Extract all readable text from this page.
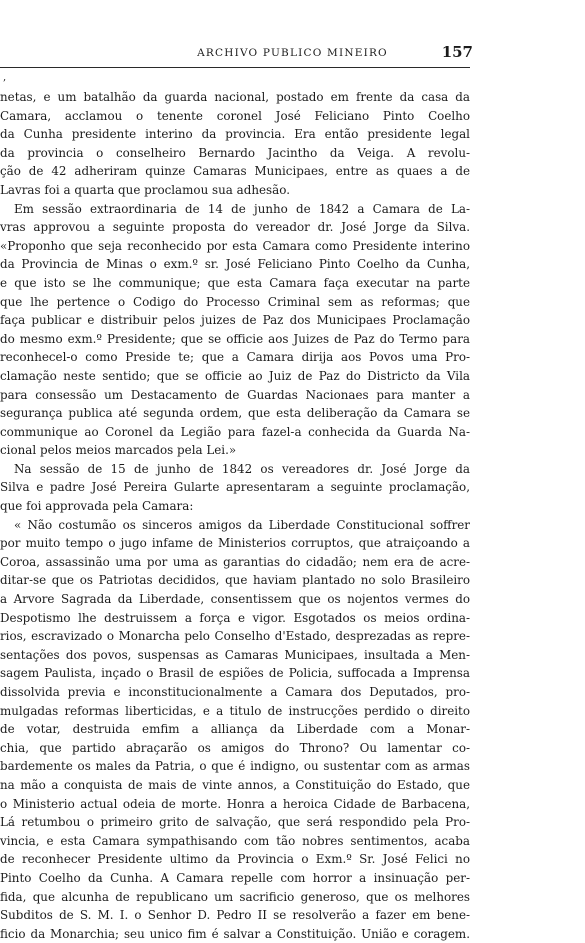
ARCHIVO PUBLICO MINEIRO	157
,

netas, e um batalhão da guarda nacional, postado em frente da casa da

Camara, acclamou o tenente coronel José Feliciano Pinto Coelho

da Cunha presidente interino da provincia. Era então presidente legal

da provincia o conselheiro Bernardo Jacintho da Veiga. A revolu-

ção de 42 adheriram quinze Camaras Municipaes, entre as quaes a de

Lavras foi a quarta que proclamou sua adhesão.

Em sessão extraordinaria de 14 de junho de 1842 a Camara de La-

vras approvou a seguinte proposta do vereador dr. José Jorge da Silva.

«Proponho que seja reconhecido por esta Camara como Presidente interino

da Provincia de Minas o exm.º sr. José Feliciano Pinto Coelho da Cunha,

e que isto se lhe communique; que esta Camara faça executar na parte

que lhe pertence o Codigo do Processo Criminal sem as reformas; que

faça publicar e distribuir pelos juizes de Paz dos Municipaes Proclamação

do mesmo exm.º Presidente; que se officie aos Juizes de Paz do Termo para

reconhecel-o como Preside te; que a Camara dirija aos Povos uma Pro-

clamação neste sentido; que se officie ao Juiz de Paz do Districto da Vila

para consessão um Destacamento de Guardas Nacionaes para manter a

segurança publica até segunda ordem, que esta deliberação da Camara se

communique ao Coronel da Legião para fazel-a conhecida da Guarda Na-

cional pelos meios marcados pela Lei.»

Na sessão de 15 de junho de 1842 os vereadores dr. José Jorge da

Silva e padre José Pereira Gularte apresentaram a seguinte proclamação,

que foi approvada pela Camara:

« Não costumão os sinceros amigos da Liberdade Constitucional soffrer

por muito tempo o jugo infame de Ministerios corruptos, que atraiçoando a

Coroa, assassinão uma por uma as garantias do cidadão; nem era de acre-

ditar-se que os Patriotas decididos, que haviam plantado no solo Brasileiro

a Arvore Sagrada da Liberdade, consentissem que os nojentos vermes do

Despotismo lhe destruissem a força e vigor. Esgotados os meios ordina-

rios, escravizado o Monarcha pelo Conselho d'Estado, desprezadas as repre-

sentações dos povos, suspensas as Camaras Municipaes, insultada a Men-

sagem Paulista, inçado o Brasil de espiões de Policia, suffocada a Imprensa

dissolvida previa e inconstitucionalmente a Camara dos Deputados, pro-

mulgadas reformas liberticidas, e a titulo de instrucções perdido o direito

de votar, destruida emfim a alliança da Liberdade com a Monar-

chia, que partido abraçarão os amigos do Throno? Ou lamentar co-

bardemente os males da Patria, o que é indigno, ou sustentar com as armas

na mão a conquista de mais de vinte annos, a Constituição do Estado, que

o Ministerio actual odeia de morte. Honra a heroica Cidade de Barbacena,

Lá retumbou o primeiro grito de salvação, que será respondido pela Pro-

vincia, e esta Camara sympathisando com tão nobres sentimentos, acaba

de reconhecer Presidente ultimo da Provincia o Exm.º Sr. José Felici no

Pinto Coelho da Cunha. A Camara repelle com horror a insinuação per-

fida, que alcunha de republicano um sacrificio generoso, que os melhores

Subditos de S. M. I. o Senhor D. Pedro II se resolverão a fazer em bene-

ficio da Monarchia; seu unico fim é salvar a Constituição. União e coragem.
